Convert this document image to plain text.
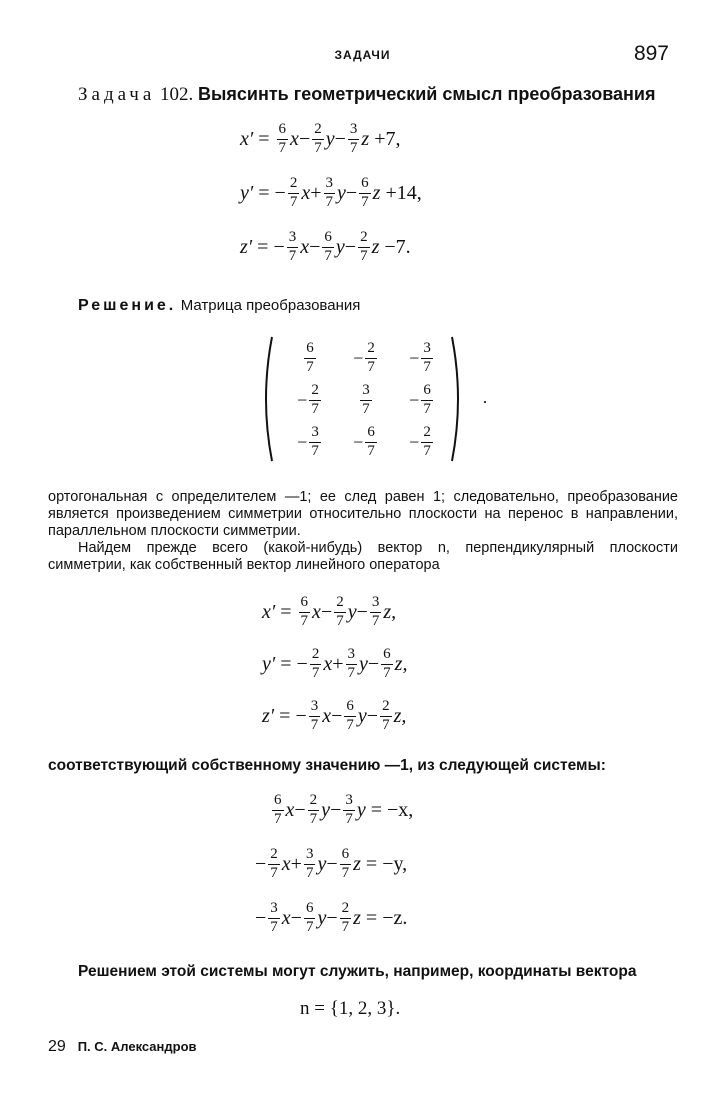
ЗАДАЧИ	897
Задача 102. Выясинть геометрический смысл преобразования
$x' = \frac{6}{7}$ $x - \frac{2}{7}$ $y - \frac{3}{7}$ z +7,
y′ = − $\frac{2}{7}$ $x + \frac{3}{7}$ $y - \frac{6}{7}$ z +14,
z′ = − $\frac{3}{7}$ $x - \frac{6}{7}$ $y - \frac{2}{7}$ z −7.
Решение. Матрица преобразования
$\frac{6}{7} - \frac{2}{7} - \frac{3}{7}$
− $\frac{2}{7}$	$\frac{3}{7} - \frac{6}{7}$
− $\frac{3}{7} - \frac{6}{7} - \frac{2}{7}$
·
ортогональная с определителем —1; ее след равен 1; следовательно, преобразование является произведением симметрии относительно плоскости на перенос в направлении, параллельном плоскости симметрии.
Найдем прежде всего (какой-нибудь) вектор n, перпендикулярный плоскости симметрии, как собственный вектор линейного оператора
$x' = \frac{6}{7}$ $x - \frac{2}{7}$ $y - \frac{3}{7} z$,
y′ = − $\frac{2}{7}$ $x + \frac{3}{7}$ $y - \frac{6}{7} z$,
z′ = − $\frac{3}{7}$ $x - \frac{6}{7}$ $y - \frac{2}{7} z$,
соответствующий собственному значению —1, из следующей системы:
$\frac{6}{7}$ $x - \frac{2}{7}$ $y - \frac{3}{7}$ y = −x,
− $\frac{2}{7}$ $x + \frac{3}{7}$ $y - \frac{6}{7}$ z = −y,
− $\frac{3}{7}$ $x - \frac{6}{7}$ $y - \frac{2}{7}$ z = −z.
Решением этой системы могут служить, например, координаты вектора
n = {1, 2, 3}.
29 П. С. Александров
